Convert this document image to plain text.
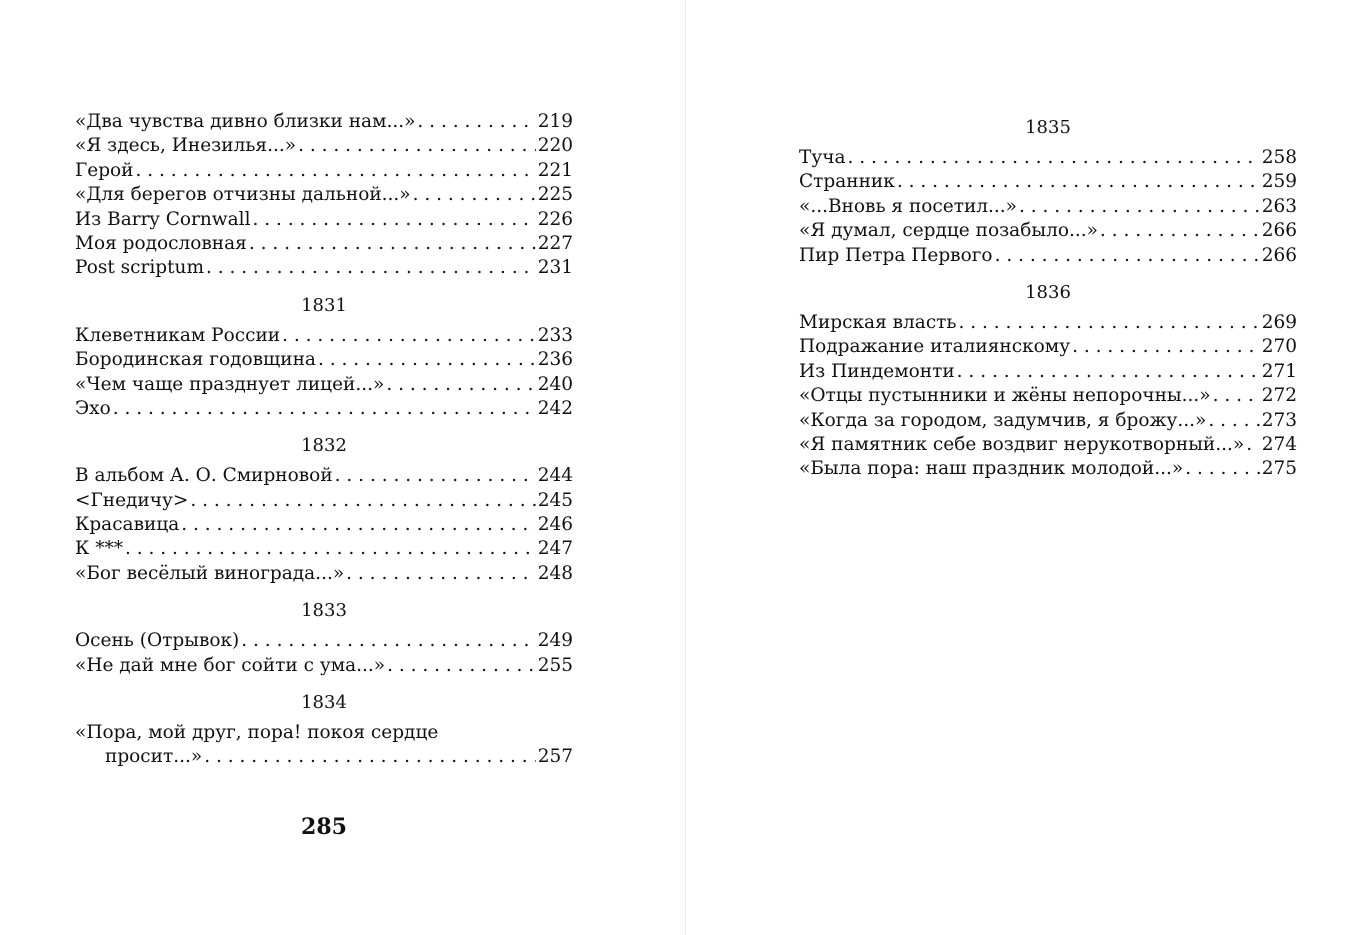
«Два чувства дивно близки нам...» . . .	219
«Я здесь, Инезилья...» . . .	220
Герой . . .	221
«Для берегов отчизны дальной...» . . .	225
Из Barry Cornwall . . .	226
Моя родословная . . .	227
Post scriptum . . .	231
1831
Клеветникам России . . .	233
Бородинская годовщина . . .	236
«Чем чаще празднует лицей...» . . .	240
Эхо . . .	242
1832
В альбом А. О. Смирновой . . .	244
<Гнедичу> . . .	245
Красавица . . .	246
К *** . . .	247
«Бог весёлый винограда...» . . .	248
1833
Осень (Отрывок) . . .	249
«Не дай мне бог сойти с ума...» . . .	255
1834
«Пора, мой друг, пора! покоя сердце
просит...» . . .	257
285
1835
Туча . . .	258
Странник . . .	259
«...Вновь я посетил...» . . .	263
«Я думал, сердце позабыло...» . . .	266
Пир Петра Первого . . .	266
1836
Мирская власть . . .	269
Подражание италиянскому . . .	270
Из Пиндемонти . . .	271
«Отцы пустынники и жёны непорочны...» . . .	272
«Когда за городом, задумчив, я брожу...» . . .	273
«Я памятник себе воздвиг нерукотворный...» . . . 274
«Была пора: наш праздник молодой...» . . .	275
